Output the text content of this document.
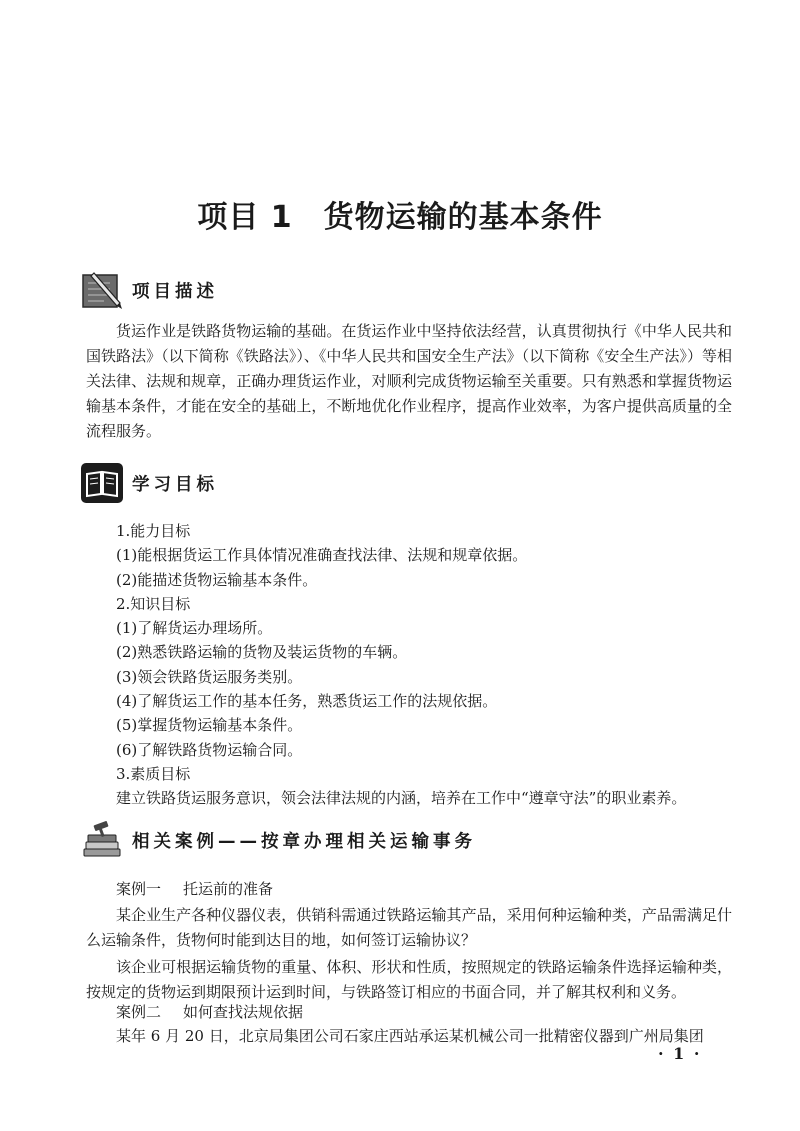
项目 1　货物运输的基本条件
项目描述

货运作业是铁路货物运输的基础。在货运作业中坚持依法经营，认真贯彻执行《中华人民共和国铁路法》（以下简称《铁路法》）、《中华人民共和国安全生产法》（以下简称《安全生产法》）等相关法律、法规和规章，正确办理货运作业，对顺利完成货物运输至关重要。只有熟悉和掌握货物运输基本条件，才能在安全的基础上，不断地优化作业程序，提高作业效率，为客户提供高质量的全流程服务。

学习目标
1.能力目标
(1)能根据货运工作具体情况准确查找法律、法规和规章依据。
(2)能描述货物运输基本条件。
2.知识目标
(1)了解货运办理场所。
(2)熟悉铁路运输的货物及装运货物的车辆。
(3)领会铁路货运服务类别。
(4)了解货运工作的基本任务，熟悉货运工作的法规依据。
(5)掌握货物运输基本条件。
(6)了解铁路货物运输合同。
3.素质目标
建立铁路货运服务意识，领会法律法规的内涵，培养在工作中“遵章守法”的职业素养。
相关案例——按章办理相关运输事务
案例一 托运前的准备

某企业生产各种仪器仪表，供销科需通过铁路运输其产品，采用何种运输种类，产品需满足什么运输条件，货物何时能到达目的地，如何签订运输协议？

该企业可根据运输货物的重量、体积、形状和性质，按照规定的铁路运输条件选择运输种类，按规定的货物运到期限预计运到时间，与铁路签订相应的书面合同，并了解其权利和义务。

案例二 如何查找法规依据

某年 6 月 20 日，北京局集团公司石家庄西站承运某机械公司一批精密仪器到广州局集团

· 1 ·
